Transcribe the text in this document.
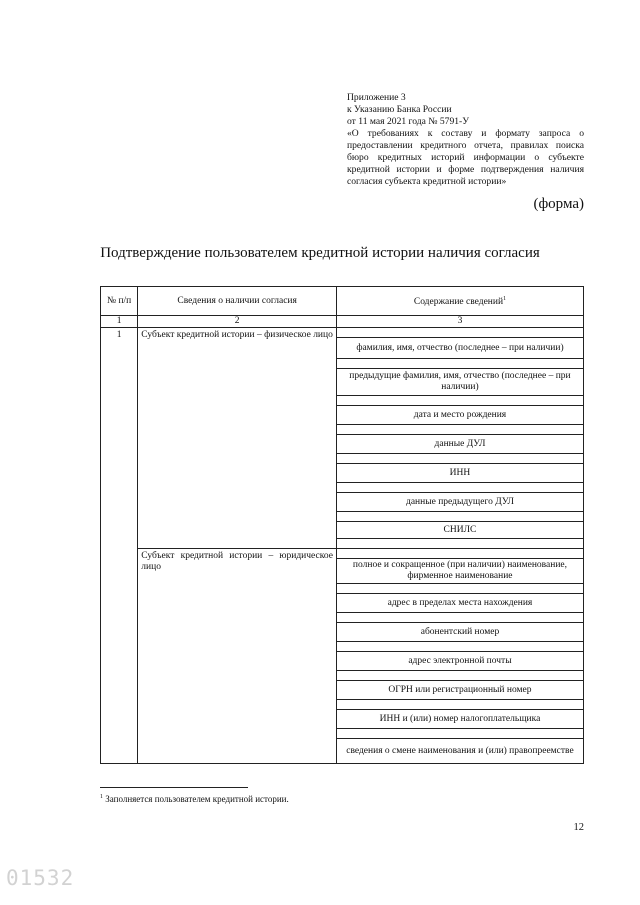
Приложение 3
к Указанию Банка России
от 11 мая 2021 года № 5791-У
«О требованиях к составу и формату запроса о предоставлении кредитного отчета, правилах поиска бюро кредитных историй информации о субъекте кредитной истории и форме подтверждения наличия согласия субъекта кредитной истории»
(форма)
Подтверждение пользователем кредитной истории наличия согласия
№ п/п	Сведения о наличии согласия	Содержание сведений$^1$
1	2	3
1	Субъект кредитной истории – физическое лицо	
		фамилия, имя, отчество (последнее – при наличии)

		предыдущие фамилия, имя, отчество (последнее – при наличии)

		дата и место рождения

		данные ДУЛ

		ИНН

		данные предыдущего ДУЛ

		СНИЛС

	Субъект кредитной истории – юридическое лицо	
		полное и сокращенное (при наличии) наименование, фирменное наименование

		адрес в пределах места нахождения

		абонентский номер

		адрес электронной почты

		ОГРН или регистрационный номер

		ИНН и (или) номер налогоплательщика

		сведения о смене наименования и (или) правопреемстве
$^1$ Заполняется пользователем кредитной истории.
12
01532
